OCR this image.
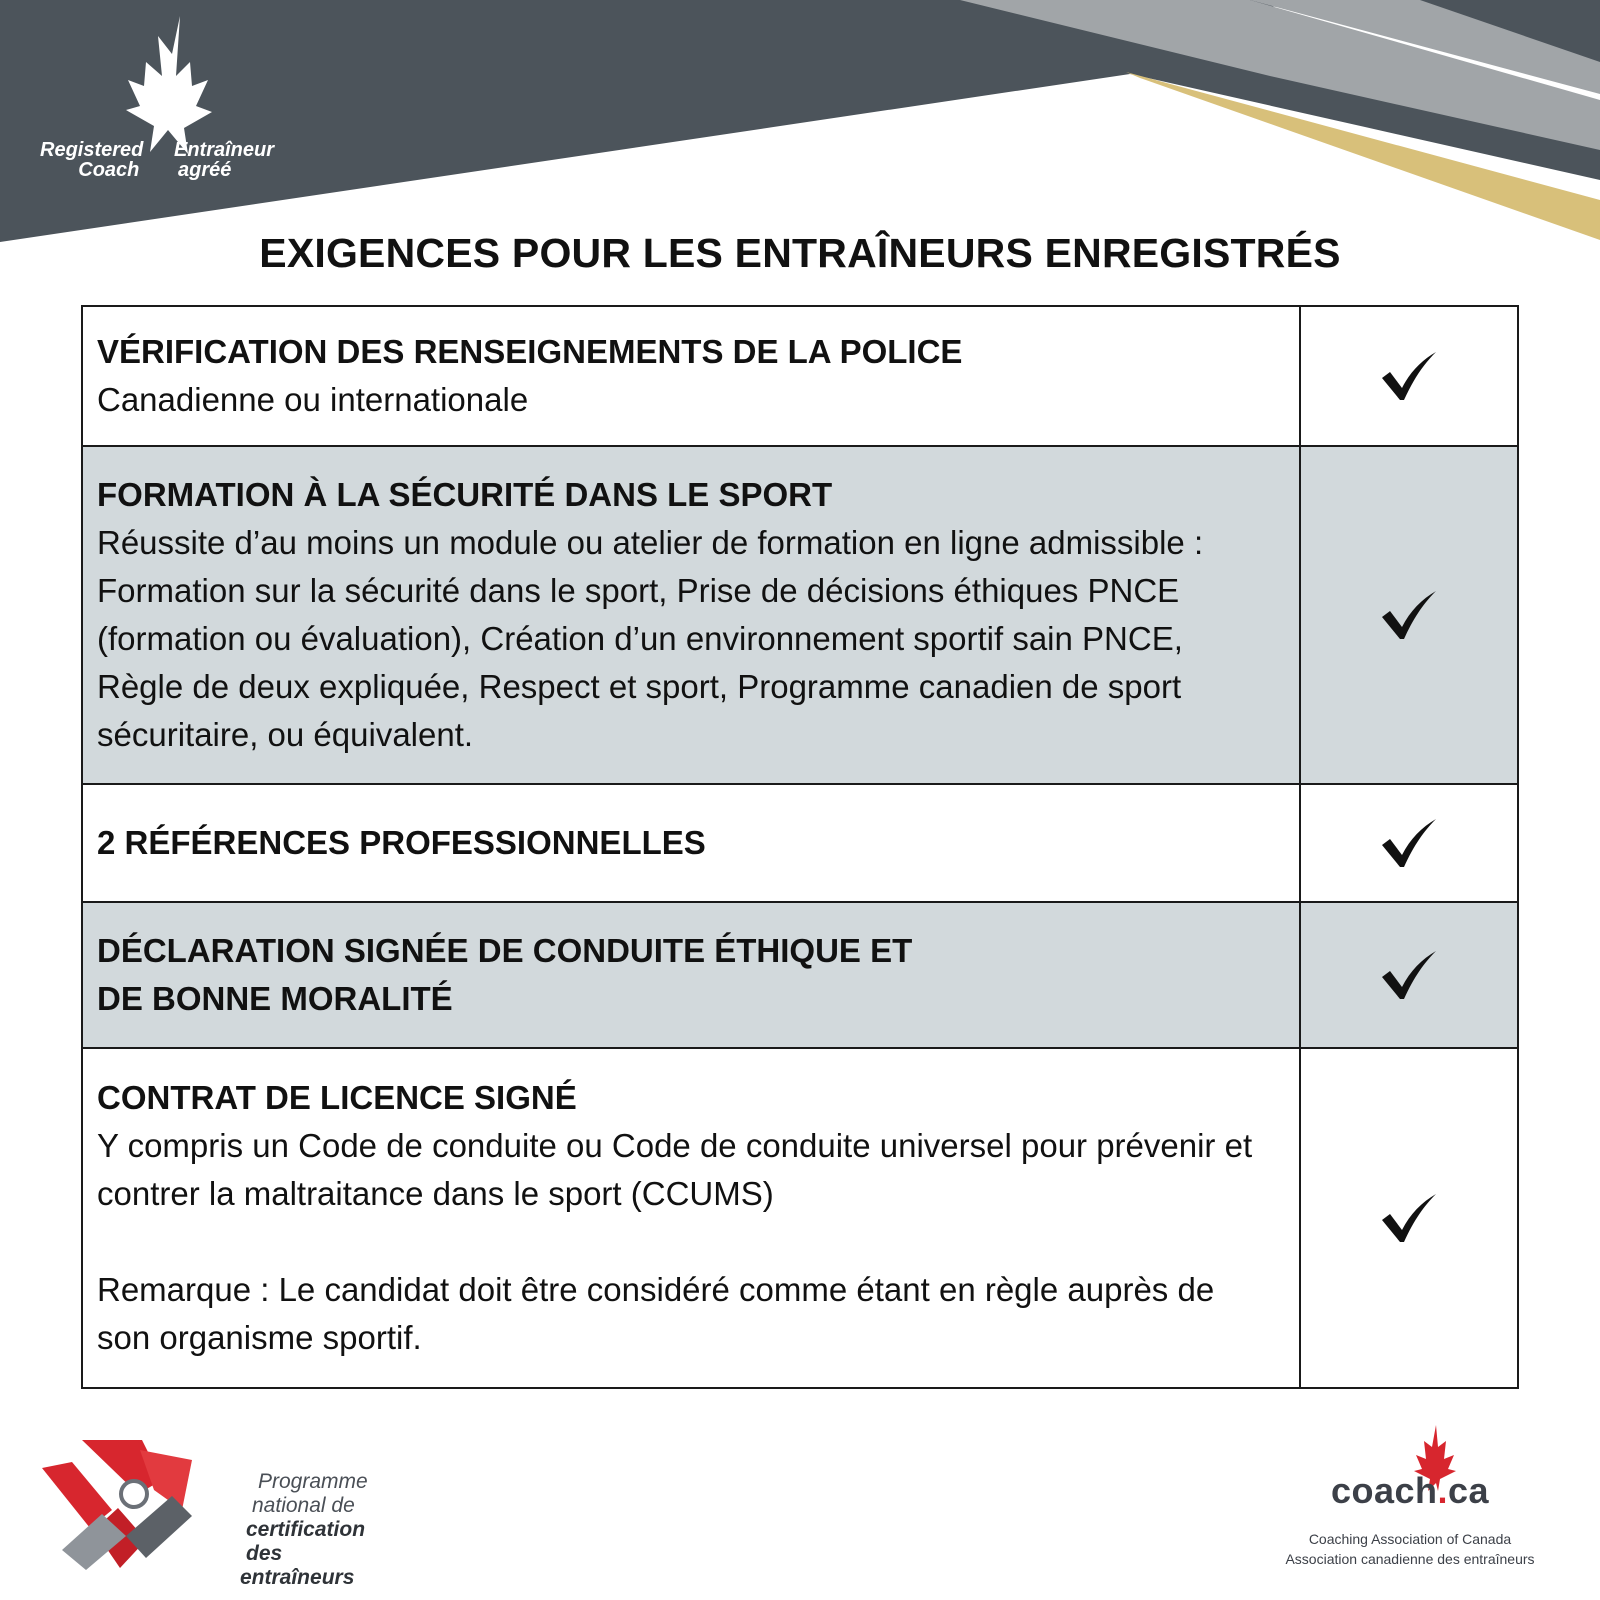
Registered
Coach
Entraîneur
agréé
EXIGENCES POUR LES ENTRAÎNEURS ENREGISTRÉS
VÉRIFICATION DES RENSEIGNEMENTS DE LA POLICE
Canadienne ou internationale
FORMATION À LA SÉCURITÉ DANS LE SPORT
Réussite d’au moins un module ou atelier de formation en ligne admissible :
Formation sur la sécurité dans le sport, Prise de décisions éthiques PNCE
(formation ou évaluation), Création d’un environnement sportif sain PNCE,
Règle de deux expliquée, Respect et sport, Programme canadien de sport
sécuritaire, ou équivalent.
2 RÉFÉRENCES PROFESSIONNELLES
DÉCLARATION SIGNÉE DE CONDUITE ÉTHIQUE ET
DE BONNE MORALITÉ
CONTRAT DE LICENCE SIGNÉ
Y compris un Code de conduite ou Code de conduite universel pour prévenir et
contrer la maltraitance dans le sport (CCUMS)
Remarque : Le candidat doit être considéré comme étant en règle auprès de
son organisme sportif.
Programme
national de
certification des
entraîneurs
coach.ca
Coaching Association of Canada
Association canadienne des entraîneurs
